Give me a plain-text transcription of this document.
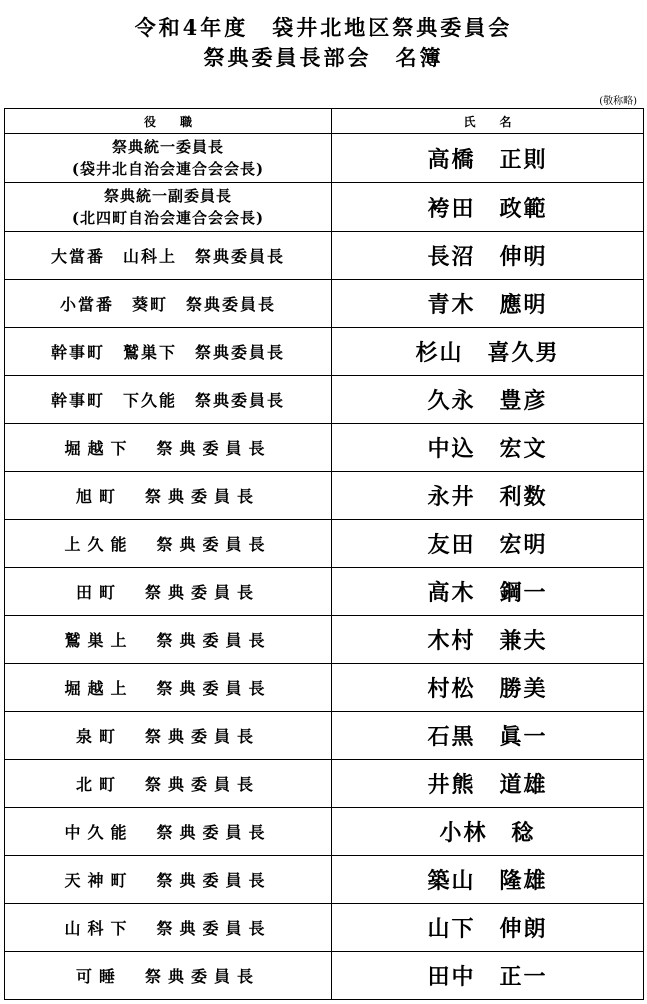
令和4年度　袋井北地区祭典委員会
祭典委員長部会　名簿
(敬称略)
役　　職	氏　　名

祭典統一委員長
(袋井北自治会連合会会長)	高橋　正則

祭典統一副委員長
(北四町自治会連合会会長)	袴田　政範

大當番　山科上　祭典委員長	長沼　伸明

小當番　葵町　祭典委員長	青木　應明

幹事町　鷲巣下　祭典委員長	杉山　喜久男

幹事町　下久能　祭典委員長	久永　豊彦

堀越下　祭典委員長	中込　宏文

旭町　祭典委員長	永井　利数

上久能　祭典委員長	友田　宏明

田町　祭典委員長	高木　鋼一

鷲巣上　祭典委員長	木村　兼夫

堀越上　祭典委員長	村松　勝美

泉町　祭典委員長	石黒　眞一

北町　祭典委員長	井熊　道雄

中久能　祭典委員長	小林　稔

天神町　祭典委員長	築山　隆雄

山科下　祭典委員長	山下　伸朗

可睡　祭典委員長	田中　正一
